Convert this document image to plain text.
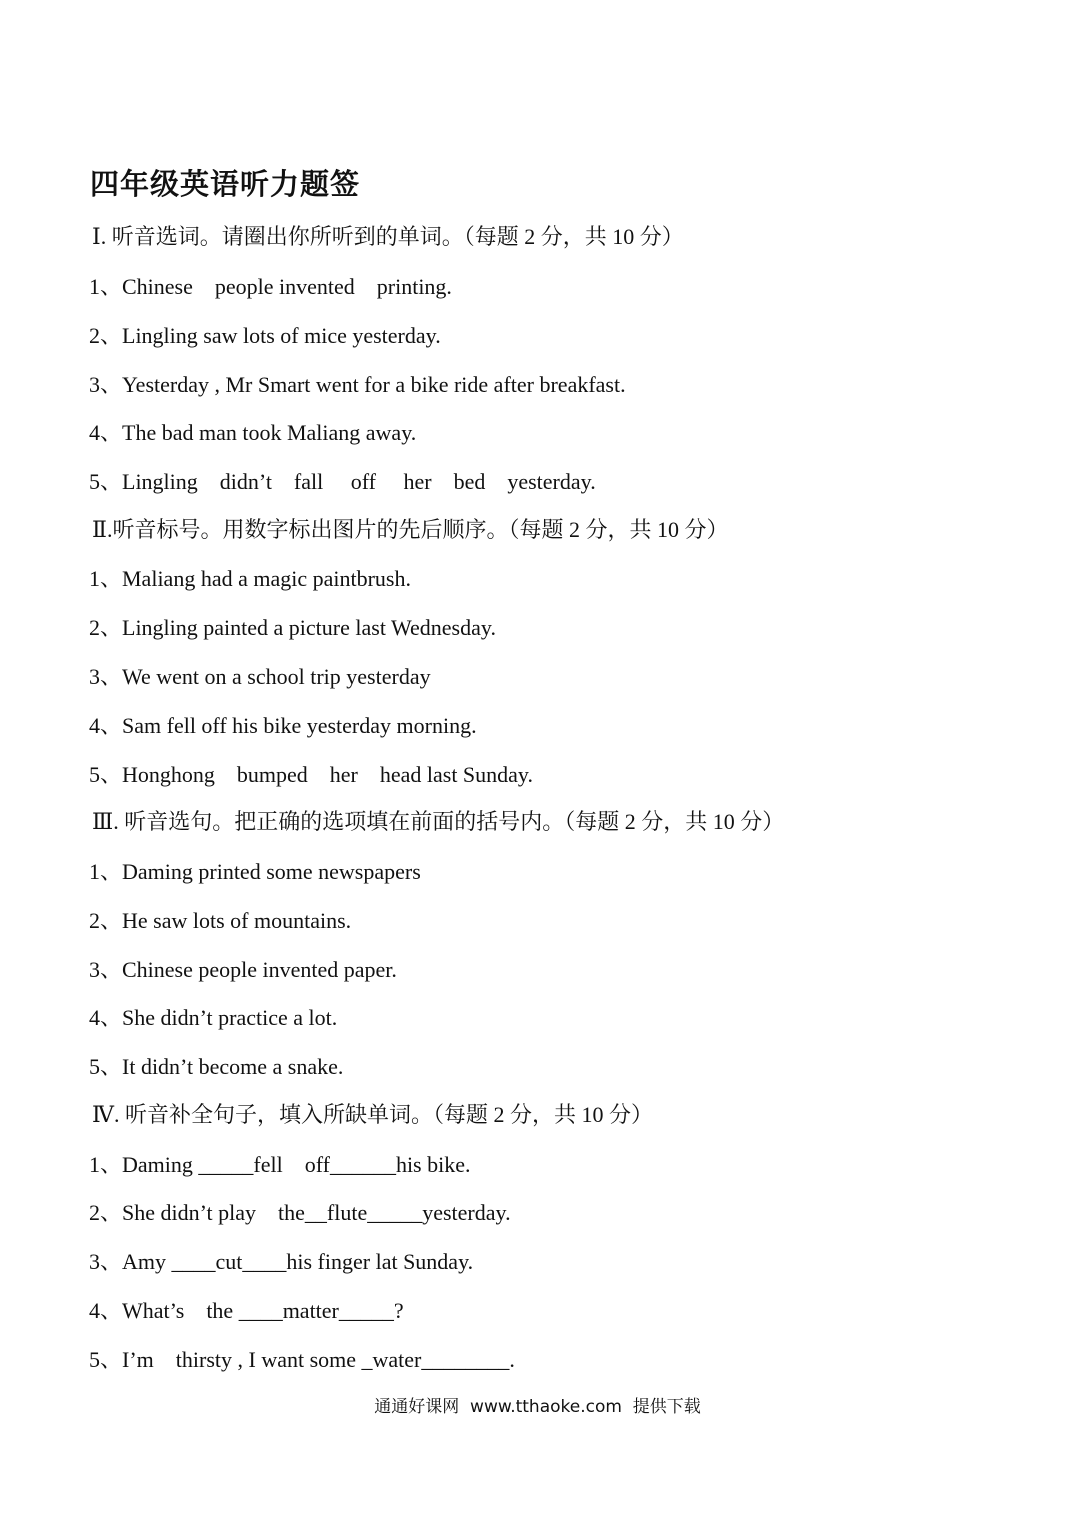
四年级英语听力题签
Ⅰ. 听音选词。请圈出你所听到的单词。（每题 2 分，共 10 分）
1、Chinese    people invented    printing.
2、Lingling saw lots of mice yesterday.
3、Yesterday , Mr Smart went for a bike ride after breakfast.
4、The bad man took Maliang away.
5、Lingling    didn’t    fall     off     her    bed    yesterday.
Ⅱ.听音标号。用数字标出图片的先后顺序。（每题 2 分，共 10 分）
1、Maliang had a magic paintbrush.
2、Lingling painted a picture last Wednesday.
3、We went on a school trip yesterday
4、Sam fell off his bike yesterday morning.
5、Honghong    bumped    her    head last Sunday.
Ⅲ. 听音选句。把正确的选项填在前面的括号内。（每题 2 分，共 10 分）
1、Daming printed some newspapers
2、He saw lots of mountains.
3、Chinese people invented paper.
4、She didn’t practice a lot.
5、It didn’t become a snake.
Ⅳ. 听音补全句子，填入所缺单词。（每题 2 分，共 10 分）
1、Daming _____fell    off______his bike.
2、She didn’t play    the__flute_____yesterday.
3、Amy ____cut____his finger lat Sunday.
4、What’s    the ____matter_____?
5、I’m    thirsty , I want some _water________.
通通好课网  www.tthaoke.com  提供下载
